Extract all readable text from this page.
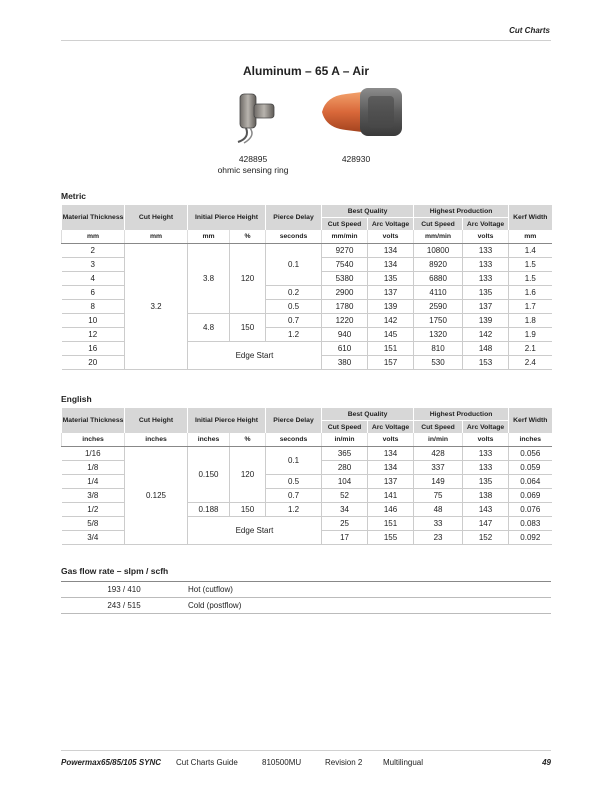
Cut Charts
Aluminum – 65 A – Air
428895
ohmic sensing ring
428930
Metric
Material Thickness	Cut Height	Initial Pierce Height		Pierce Delay	Best Quality		Highest Production		Kerf Width
					Cut Speed	Arc Voltage	Cut Speed	Arc Voltage	
mm	mm	mm	%	seconds	mm/min	volts	mm/min	volts	mm
2	3.2	3.8	120	0.1	9270	134	10800	133	1.4
3					7540	134	8920	133	1.5
4					5380	135	6880	133	1.5
6				0.2	2900	137	4110	135	1.6
8				0.5	1780	139	2590	137	1.7
10		4.8	150	0.7	1220	142	1750	139	1.8
12				1.2	940	145	1320	142	1.9
16		Edge Start			610	151	810	148	2.1
20					380	157	530	153	2.4
English
Material Thickness	Cut Height	Initial Pierce Height		Pierce Delay	Best Quality		Highest Production		Kerf Width
					Cut Speed	Arc Voltage	Cut Speed	Arc Voltage	
inches	inches	inches	%	seconds	in/min	volts	in/min	volts	inches
1/16	0.125	0.150	120	0.1	365	134	428	133	0.056
1/8					280	134	337	133	0.059
1/4				0.5	104	137	149	135	0.064
3/8				0.7	52	141	75	138	0.069
1/2		0.188	150	1.2	34	146	48	143	0.076
5/8		Edge Start			25	151	33	147	0.083
3/4					17	155	23	152	0.092
Gas flow rate – slpm / scfh
193 / 410	Hot (cutflow)
243 / 515	Cold (postflow)
Powermax65/85/105 SYNC Cut Charts Guide	810500MU	Revision 2	Multilingual	49
